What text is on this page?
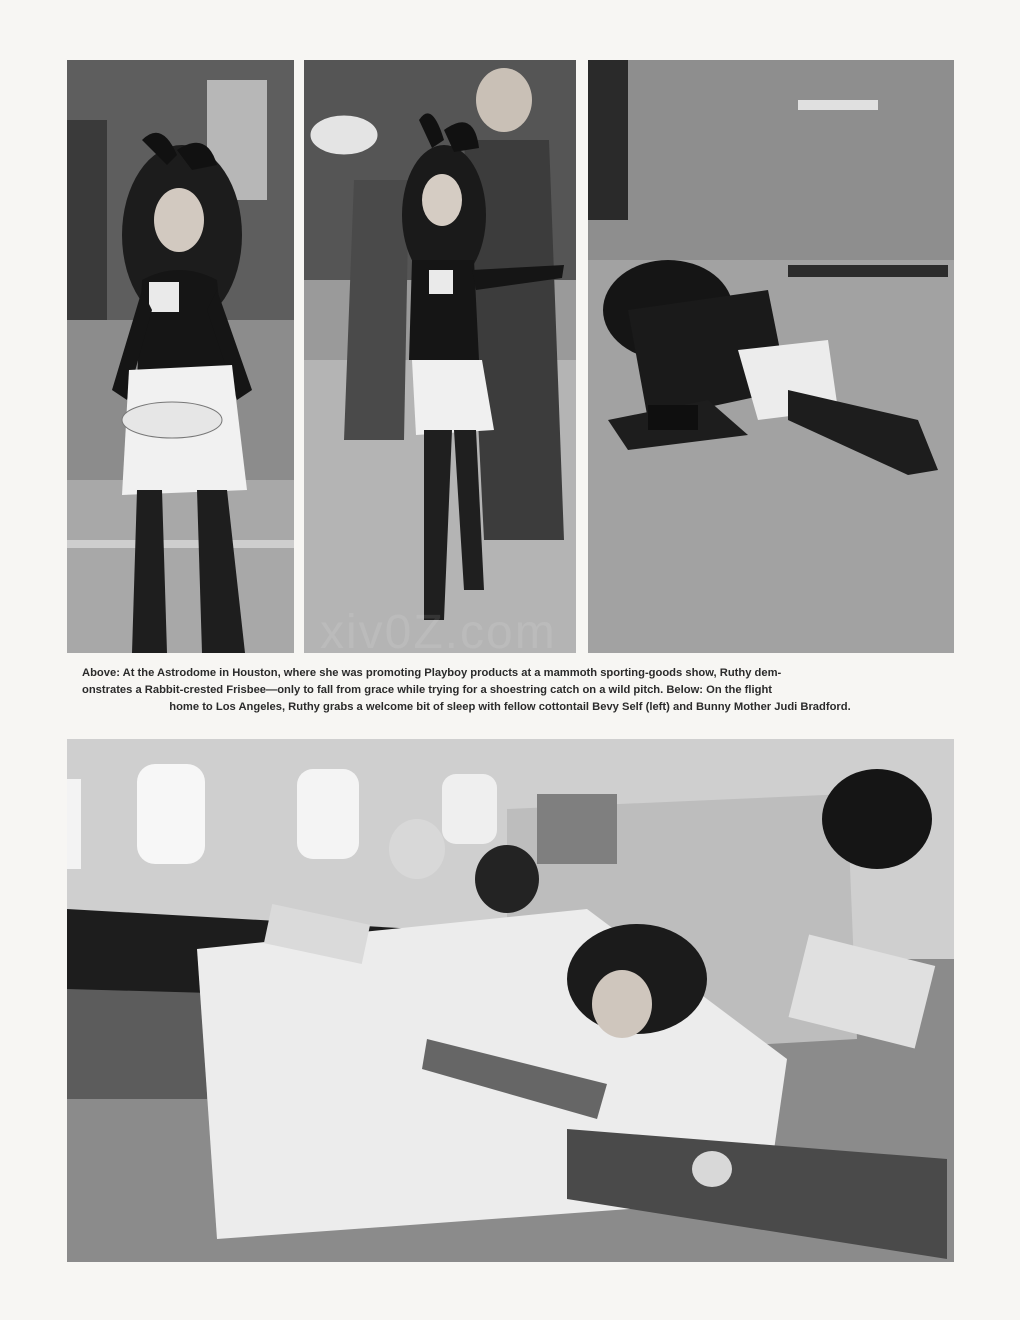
xiv0Z.com
Above: At the Astrodome in Houston, where she was promoting Playboy products at a mammoth sporting-goods show, Ruthy dem-
onstrates a Rabbit-crested Frisbee—only to fall from grace while trying for a shoestring catch on a wild pitch. Below: On the flight
home to Los Angeles, Ruthy grabs a welcome bit of sleep with fellow cottontail Bevy Self (left) and Bunny Mother Judi Bradford.
